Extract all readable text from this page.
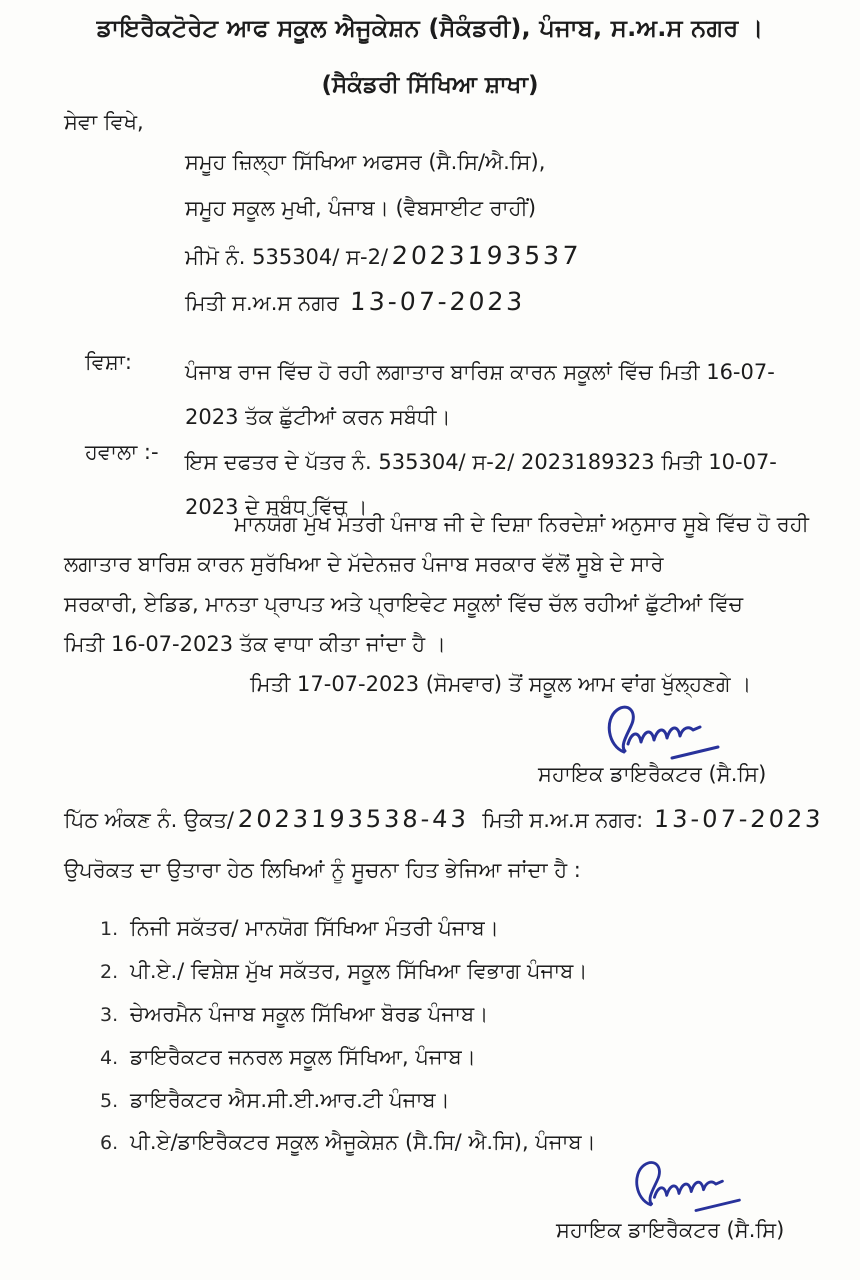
ਡਾਇਰੈਕਟੋਰੇਟ ਆਫ ਸਕੂਲ ਐਜੂਕੇਸ਼ਨ (ਸੈਕੰਡਰੀ), ਪੰਜਾਬ, ਸ.ਅ.ਸ ਨਗਰ ।
(ਸੈਕੰਡਰੀ ਸਿੱਖਿਆ ਸ਼ਾਖਾ)
ਸੇਵਾ ਵਿਖੇ,
ਸਮੂਹ ਜ਼ਿਲ੍ਹਾ ਸਿੱਖਿਆ ਅਫਸਰ (ਸੈ.ਸਿ/ਐ.ਸਿ),
ਸਮੂਹ ਸਕੂਲ ਮੁਖੀ, ਪੰਜਾਬ। (ਵੈਬਸਾਈਟ ਰਾਹੀਂ)
ਮੀਮੋ ਨੰ. 535304/ ਸ-2/ 2023193537
ਮਿਤੀ ਸ.ਅ.ਸ ਨਗਰ 13-07-2023
ਵਿਸ਼ਾ:	ਪੰਜਾਬ ਰਾਜ ਵਿੱਚ ਹੋ ਰਹੀ ਲਗਾਤਾਰ ਬਾਰਿਸ਼ ਕਾਰਨ ਸਕੂਲਾਂ ਵਿੱਚ ਮਿਤੀ 16-07-2023 ਤੱਕ ਛੁੱਟੀਆਂ ਕਰਨ ਸਬੰਧੀ।
ਹਵਾਲਾ :- ਇਸ ਦਫਤਰ ਦੇ ਪੱਤਰ ਨੰ. 535304/ ਸ-2/ 2023189323 ਮਿਤੀ 10-07-2023 ਦੇ ਸਬੰਧ ਵਿੱਚ ।
ਮਾਨਯੋਗ ਮੁੱਖ ਮੰਤਰੀ ਪੰਜਾਬ ਜੀ ਦੇ ਦਿਸ਼ਾ ਨਿਰਦੇਸ਼ਾਂ ਅਨੁਸਾਰ ਸੂਬੇ ਵਿੱਚ ਹੋ ਰਹੀ
ਲਗਾਤਾਰ ਬਾਰਿਸ਼ ਕਾਰਨ ਸੁਰੱਖਿਆ ਦੇ ਮੱਦੇਨਜ਼ਰ ਪੰਜਾਬ ਸਰਕਾਰ ਵੱਲੋਂ ਸੂਬੇ ਦੇ ਸਾਰੇ
ਸਰਕਾਰੀ, ਏਡਿਡ, ਮਾਨਤਾ ਪ੍ਰਾਪਤ ਅਤੇ ਪ੍ਰਾਇਵੇਟ ਸਕੂਲਾਂ ਵਿੱਚ ਚੱਲ ਰਹੀਆਂ ਛੁੱਟੀਆਂ ਵਿੱਚ
ਮਿਤੀ 16-07-2023 ਤੱਕ ਵਾਧਾ ਕੀਤਾ ਜਾਂਦਾ ਹੈ ।
ਮਿਤੀ 17-07-2023 (ਸੋਮਵਾਰ) ਤੋਂ ਸਕੂਲ ਆਮ ਵਾਂਗ ਖੁੱਲ੍ਹਣਗੇ ।
ਸਹਾਇਕ ਡਾਇਰੈਕਟਰ (ਸੈ.ਸਿ)
ਪਿੱਠ ਅੰਕਣ ਨੰ. ਉਕਤ/ 2023193538-43 ਮਿਤੀ ਸ.ਅ.ਸ ਨਗਰ: 13-07-2023
ਉਪਰੋਕਤ ਦਾ ਉਤਾਰਾ ਹੇਠ ਲਿਖਿਆਂ ਨੂੰ ਸੂਚਨਾ ਹਿਤ ਭੇਜਿਆ ਜਾਂਦਾ ਹੈ :
1. ਨਿਜੀ ਸਕੱਤਰ/ ਮਾਨਯੋਗ ਸਿੱਖਿਆ ਮੰਤਰੀ ਪੰਜਾਬ।
2. ਪੀ.ਏ./ ਵਿਸ਼ੇਸ਼ ਮੁੱਖ ਸਕੱਤਰ, ਸਕੂਲ ਸਿੱਖਿਆ ਵਿਭਾਗ ਪੰਜਾਬ।
3. ਚੇਅਰਮੈਨ ਪੰਜਾਬ ਸਕੂਲ ਸਿੱਖਿਆ ਬੋਰਡ ਪੰਜਾਬ।
4. ਡਾਇਰੈਕਟਰ ਜਨਰਲ ਸਕੂਲ ਸਿੱਖਿਆ, ਪੰਜਾਬ।
5. ਡਾਇਰੈਕਟਰ ਐਸ.ਸੀ.ਈ.ਆਰ.ਟੀ ਪੰਜਾਬ।
6. ਪੀ.ਏ/ਡਾਇਰੈਕਟਰ ਸਕੂਲ ਐਜੂਕੇਸ਼ਨ (ਸੈ.ਸਿ/ ਐ.ਸਿ), ਪੰਜਾਬ।
ਸਹਾਇਕ ਡਾਇਰੈਕਟਰ (ਸੈ.ਸਿ)
